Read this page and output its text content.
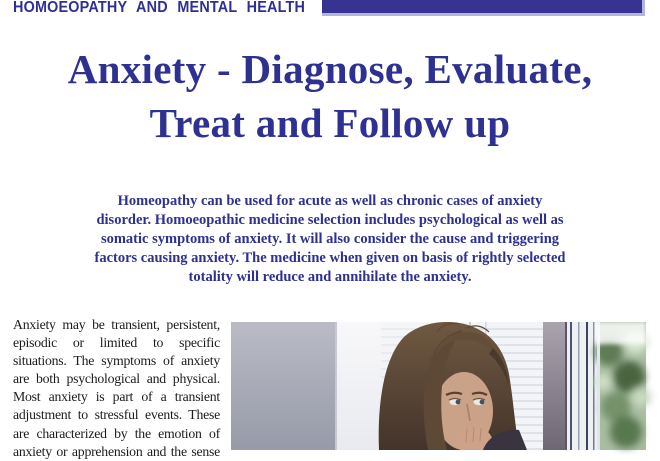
HOMOEOPATHY AND MENTAL HEALTH
Anxiety - Diagnose, Evaluate,
Treat and Follow up
Homeopathy can be used for acute as well as chronic cases of anxiety
disorder. Homoeopathic medicine selection includes psychological as well as
somatic symptoms of anxiety. It will also consider the cause and triggering
factors causing anxiety. The medicine when given on basis of rightly selected
totality will reduce and annihilate the anxiety.
Anxiety may be transient, persistent,
episodic or limited to specific
situations. The symptoms of anxiety
are both psychological and physical.
Most anxiety is part of a transient
adjustment to stressful events. These
are characterized by the emotion of
anxiety or apprehension and the sense
